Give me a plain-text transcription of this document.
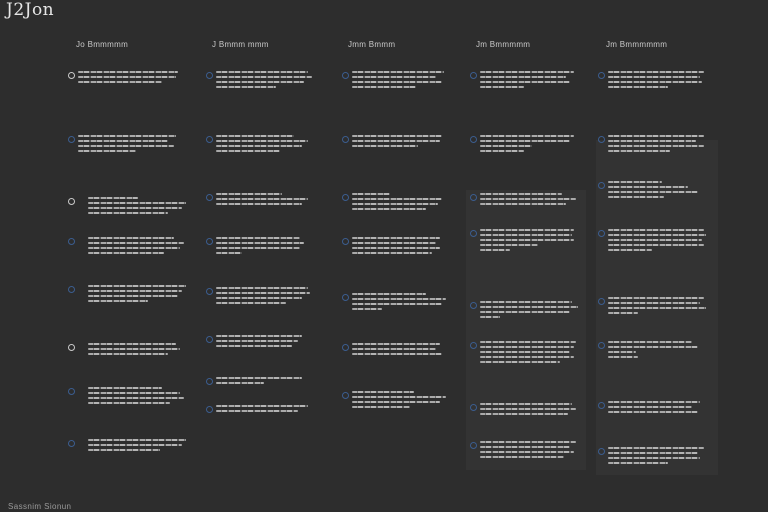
J2Jon
Jo Bmmmmm	J Bmmm mmm	Jmm Bmmm	Jm Bmmmmm	Jm Bmmmmmm
Sassnim Sionun
